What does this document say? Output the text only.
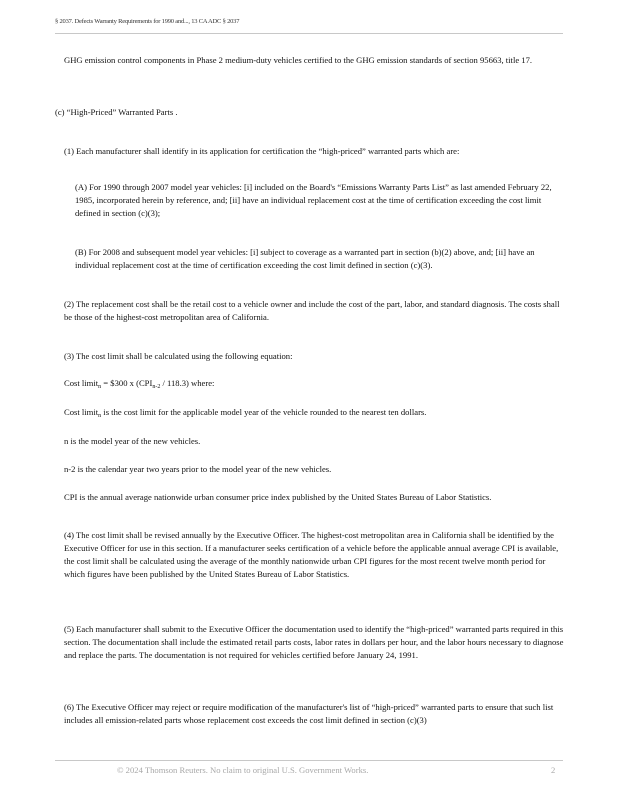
§ 2037. Defects Warranty Requirements for 1990 and..., 13 CA ADC § 2037

GHG emission control components in Phase 2 medium-duty vehicles certified to the GHG emission standards of section 95663, title 17.

(c) “High-Priced” Warranted Parts .

(1) Each manufacturer shall identify in its application for certification the “high-priced” warranted parts which are:

(A) For 1990 through 2007 model year vehicles: [i] included on the Board's “Emissions Warranty Parts List” as last amended February 22, 1985, incorporated herein by reference, and; [ii] have an individual replacement cost at the time of certification exceeding the cost limit defined in section (c)(3);

(B) For 2008 and subsequent model year vehicles: [i] subject to coverage as a warranted part in section (b)(2) above, and; [ii] have an individual replacement cost at the time of certification exceeding the cost limit defined in section (c)(3).

(2) The replacement cost shall be the retail cost to a vehicle owner and include the cost of the part, labor, and standard diagnosis. The costs shall be those of the highest-cost metropolitan area of California.

(3) The cost limit shall be calculated using the following equation:

Cost limit$_n$ = $300 x $(CPI_{n-2} / 118.3)$ where:

Cost limit$_n$ is the cost limit for the applicable model year of the vehicle rounded to the nearest ten dollars.

n is the model year of the new vehicles.

n-2 is the calendar year two years prior to the model year of the new vehicles.

CPI is the annual average nationwide urban consumer price index published by the United States Bureau of Labor Statistics.

(4) The cost limit shall be revised annually by the Executive Officer. The highest-cost metropolitan area in California shall be identified by the Executive Officer for use in this section. If a manufacturer seeks certification of a vehicle before the applicable annual average CPI is available, the cost limit shall be calculated using the average of the monthly nationwide urban CPI figures for the most recent twelve month period for which figures have been published by the United States Bureau of Labor Statistics.

(5) Each manufacturer shall submit to the Executive Officer the documentation used to identify the “high-priced” warranted parts required in this section. The documentation shall include the estimated retail parts costs, labor rates in dollars per hour, and the labor hours necessary to diagnose and replace the parts. The documentation is not required for vehicles certified before January 24, 1991.

(6) The Executive Officer may reject or require modification of the manufacturer's list of “high-priced” warranted parts to ensure that such list includes all emission-related parts whose replacement cost exceeds the cost limit defined in section (c)(3)

© 2024 Thomson Reuters. No claim to original U.S. Government Works.	2
